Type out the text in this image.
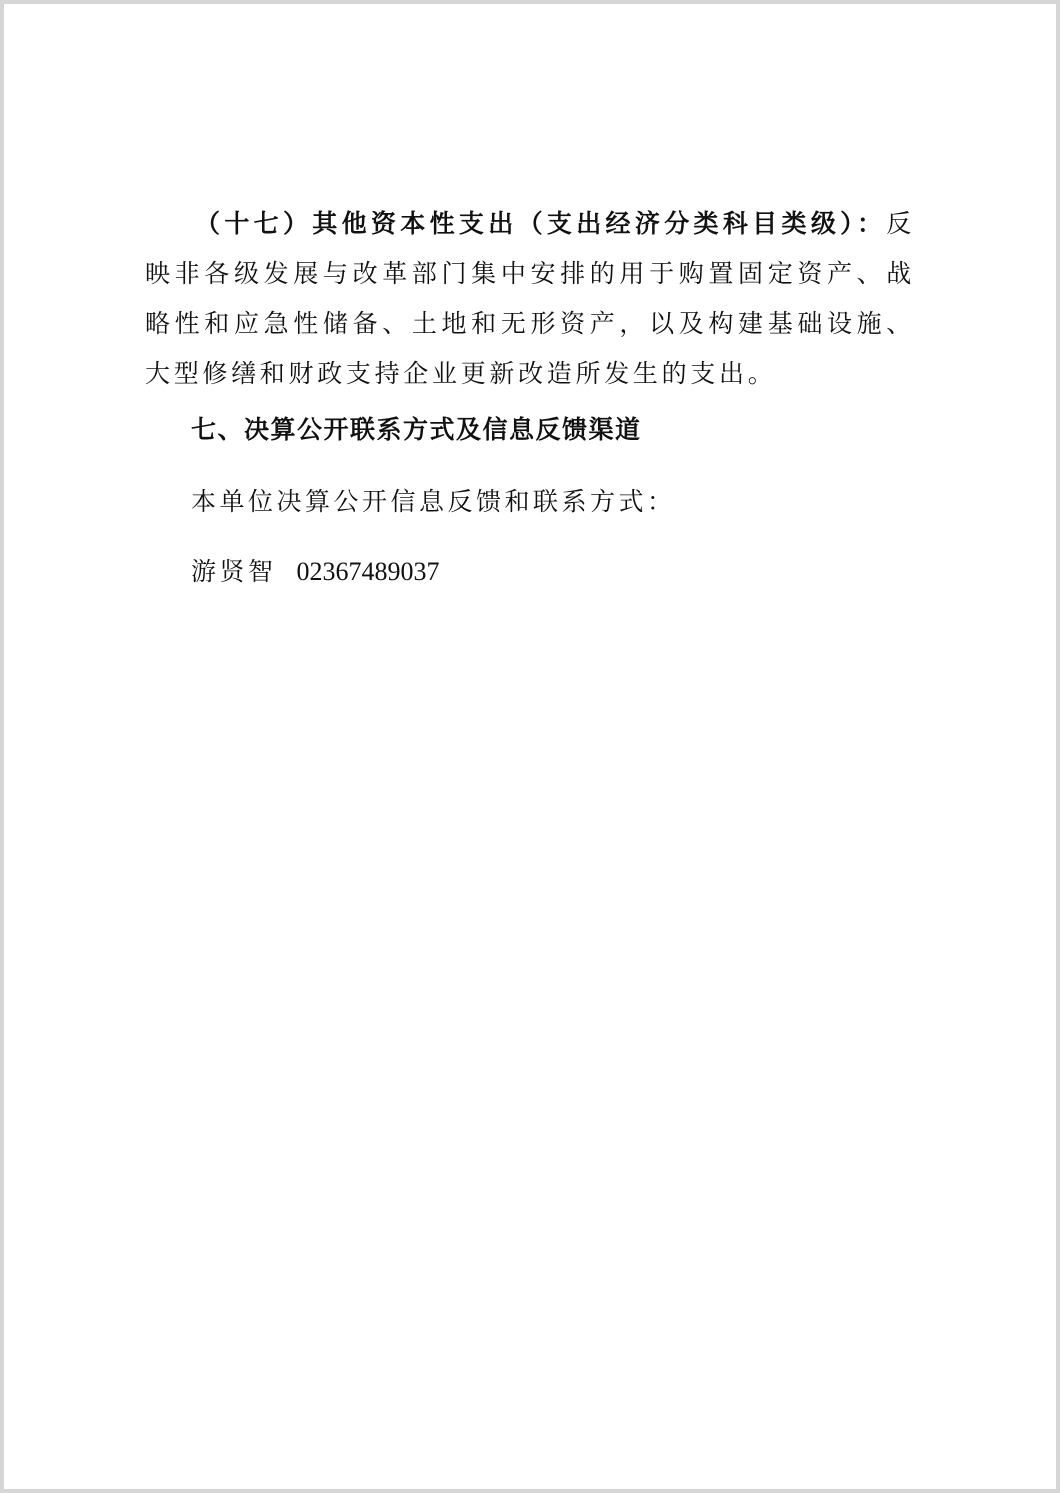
（十七）其他资本性支出（支出经济分类科目类级）：反映非各级发展与改革部门集中安排的用于购置固定资产、战略性和应急性储备、土地和无形资产，以及构建基础设施、大型修缮和财政支持企业更新改造所发生的支出。

七、决算公开联系方式及信息反馈渠道

本单位决算公开信息反馈和联系方式：

游贤智 02367489037
